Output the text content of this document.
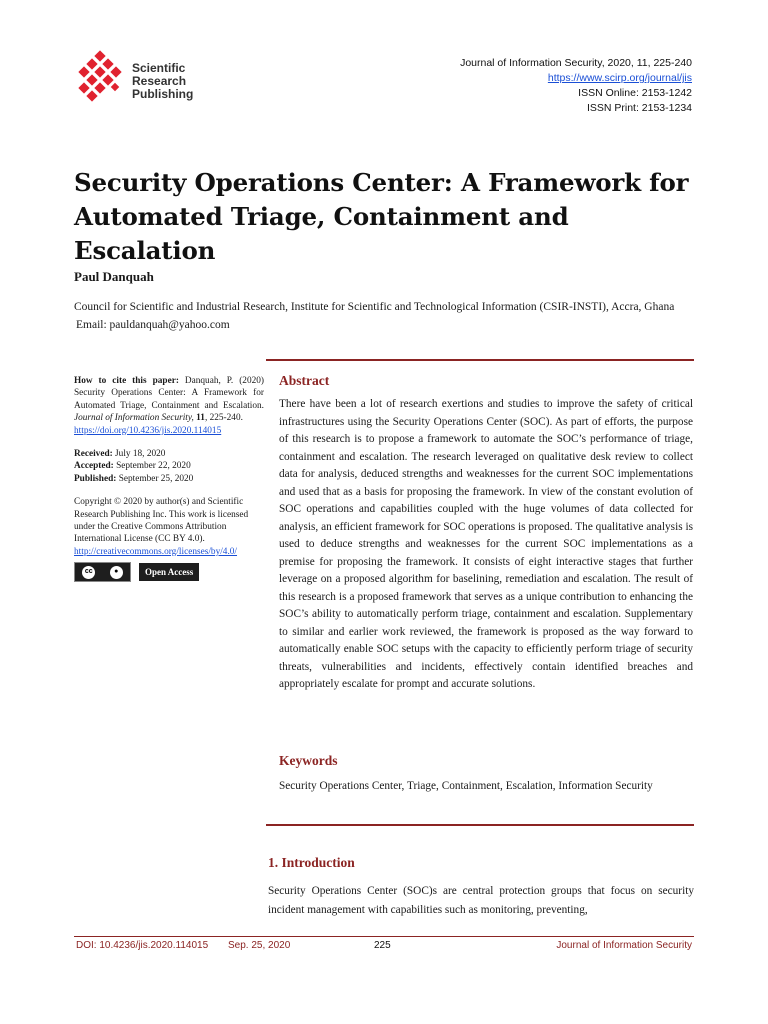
Scientific
Research
Publishing
Journal of Information Security, 2020, 11, 225-240
https://www.scirp.org/journal/jis
ISSN Online: 2153-1242
ISSN Print: 2153-1234
Security Operations Center: A Framework for
Automated Triage, Containment and Escalation
Paul Danquah
Council for Scientific and Industrial Research, Institute for Scientific and Technological Information (CSIR-INSTI), Accra, Ghana
Email: pauldanquah@yahoo.com

How to cite this paper: Danquah, P. (2020) Security Operations Center: A Framework for Automated Triage, Containment and Escalation. Journal of Information Security, 11, 225-240.
https://doi.org/10.4236/jis.2020.114015

Received: July 18, 2020
Accepted: September 22, 2020
Published: September 25, 2020

Copyright © 2020 by author(s) and Scientific Research Publishing Inc. This work is licensed under the Creative Commons Attribution International License (CC BY 4.0).
http://creativecommons.org/licenses/by/4.0/

cc	●	Open Access
Abstract
There have been a lot of research exertions and studies to improve the safety of critical infrastructures using the Security Operations Center (SOC). As part of efforts, the purpose of this research is to propose a framework to automate the SOC’s performance of triage, containment and escalation. The research leveraged on qualitative desk review to collect data for analysis, deduced strengths and weaknesses for the current SOC implementations and used that as a basis for proposing the framework. In view of the constant evolution of SOC operations and capabilities coupled with the huge volumes of data collected for analysis, an efficient framework for SOC operations is proposed. The qualitative analysis is used to deduce strengths and weaknesses for the current SOC implementations as a premise for proposing the framework. It consists of eight interactive stages that further leverage on a proposed algorithm for baselining, remediation and escalation. The result of this research is a proposed framework that serves as a unique contribution to enhancing the SOC’s ability to automatically perform triage, containment and escalation. Supplementary to similar and earlier work reviewed, the framework is proposed as the way forward to automatically enable SOC setups with the capacity to efficiently perform triage of security threats, vulnerabilities and incidents, effectively contain identified breaches and appropriately escalate for prompt and accurate solutions.
Keywords
Security Operations Center, Triage, Containment, Escalation, Information Security
1. Introduction
Security Operations Center (SOC)s are central protection groups that focus on security incident management with capabilities such as monitoring, preventing,
DOI: 10.4236/jis.2020.114015 Sep. 25, 2020	225	Journal of Information Security
